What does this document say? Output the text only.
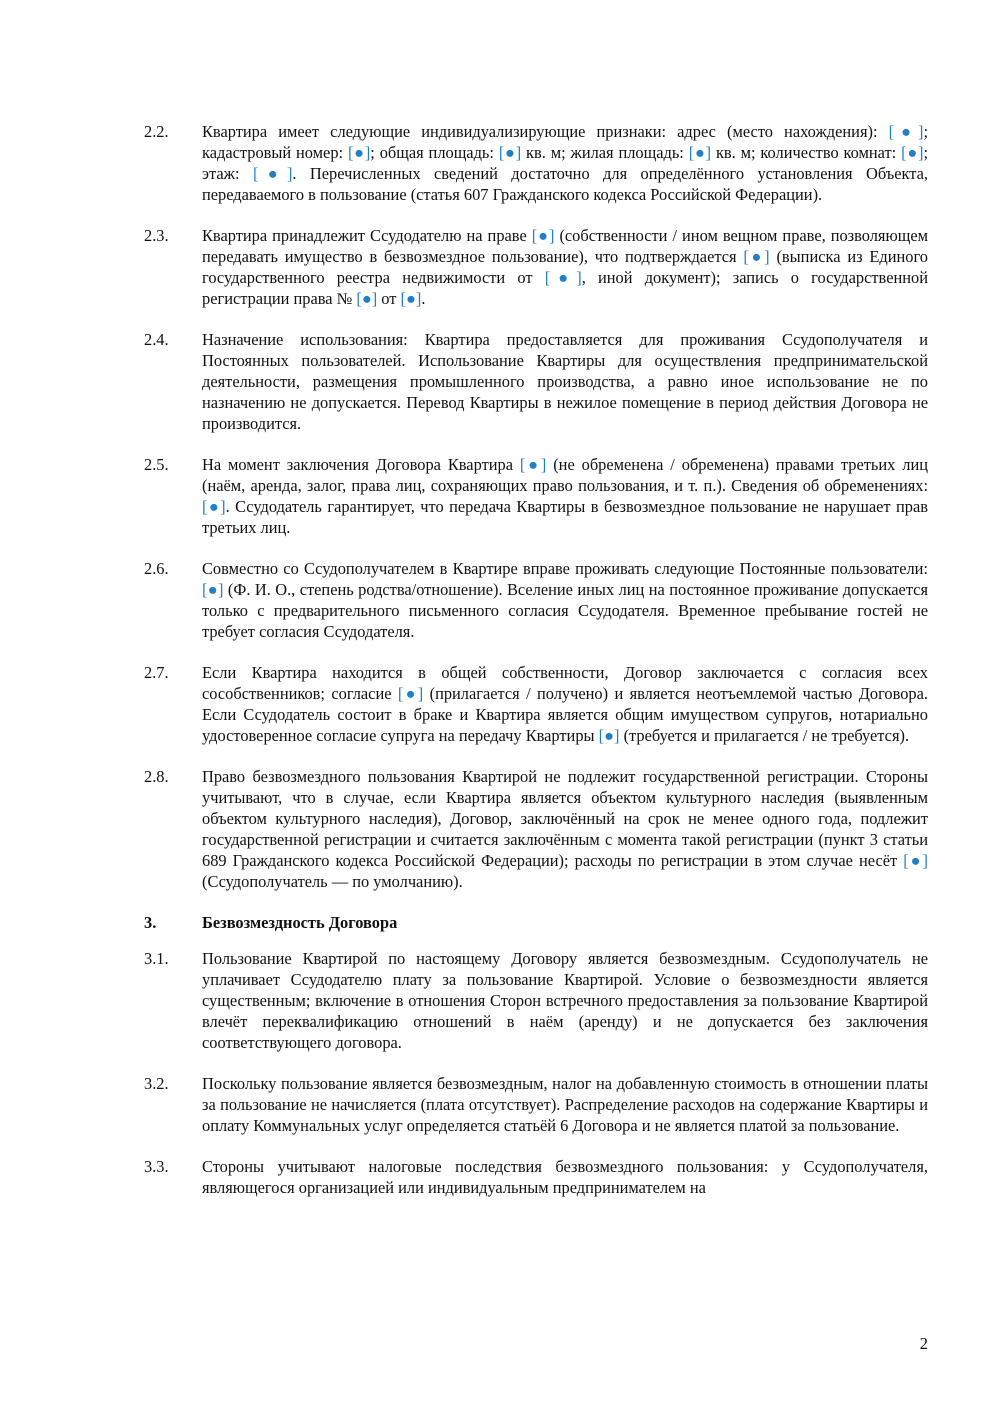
2.2.	Квартира имеет следующие индивидуализирующие признаки: адрес (место нахождения): [●]; кадастровый номер: [●]; общая площадь: [●] кв. м; жилая площадь: [●] кв. м; количество комнат: [●]; этаж: [●]. Перечисленных сведений достаточно для определённого установления Объекта, передаваемого в пользование (статья 607 Гражданского кодекса Российской Федерации).
2.3.	Квартира принадлежит Ссудодателю на праве [●] (собственности / ином вещном праве, позволяющем передавать имущество в безвозмездное пользование), что подтверждается [●] (выписка из Единого государственного реестра недвижимости от [●], иной документ); запись о государственной регистрации права № [●] от [●].
2.4.	Назначение использования: Квартира предоставляется для проживания Ссудополучателя и Постоянных пользователей. Использование Квартиры для осуществления предпринимательской деятельности, размещения промышленного производства, а равно иное использование не по назначению не допускается. Перевод Квартиры в нежилое помещение в период действия Договора не производится.
2.5.	На момент заключения Договора Квартира [●] (не обременена / обременена) правами третьих лиц (наём, аренда, залог, права лиц, сохраняющих право пользования, и т. п.). Сведения об обременениях: [●]. Ссудодатель гарантирует, что передача Квартиры в безвозмездное пользование не нарушает прав третьих лиц.
2.6.	Совместно со Ссудополучателем в Квартире вправе проживать следующие Постоянные пользователи: [●] (Ф. И. О., степень родства/отношение). Вселение иных лиц на постоянное проживание допускается только с предварительного письменного согласия Ссудодателя. Временное пребывание гостей не требует согласия Ссудодателя.
2.7.	Если Квартира находится в общей собственности, Договор заключается с согласия всех сособственников; согласие [●] (прилагается / получено) и является неотъемлемой частью Договора. Если Ссудодатель состоит в браке и Квартира является общим имуществом супругов, нотариально удостоверенное согласие супруга на передачу Квартиры [●] (требуется и прилагается / не требуется).
2.8.	Право безвозмездного пользования Квартирой не подлежит государственной регистрации. Стороны учитывают, что в случае, если Квартира является объектом культурного наследия (выявленным объектом культурного наследия), Договор, заключённый на срок не менее одного года, подлежит государственной регистрации и считается заключённым с момента такой регистрации (пункт 3 статьи 689 Гражданского кодекса Российской Федерации); расходы по регистрации в этом случае несёт [●] (Ссудополучатель — по умолчанию).
3.	Безвозмездность Договора
3.1.	Пользование Квартирой по настоящему Договору является безвозмездным. Ссудополучатель не уплачивает Ссудодателю плату за пользование Квартирой. Условие о безвозмездности является существенным; включение в отношения Сторон встречного предоставления за пользование Квартирой влечёт переквалификацию отношений в наём (аренду) и не допускается без заключения соответствующего договора.
3.2.	Поскольку пользование является безвозмездным, налог на добавленную стоимость в отношении платы за пользование не начисляется (плата отсутствует). Распределение расходов на содержание Квартиры и оплату Коммунальных услуг определяется статьёй 6 Договора и не является платой за пользование.
3.3.	Стороны учитывают налоговые последствия безвозмездного пользования: у Ссудополучателя, являющегося организацией или индивидуальным предпринимателем на
2
